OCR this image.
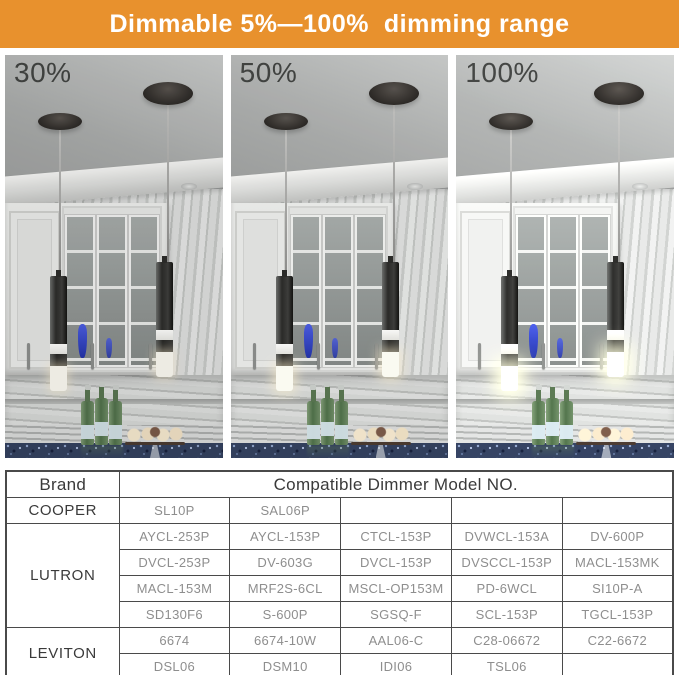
Dimmable 5%—100%  dimming range
30%	50%	100%
Brand	Compatible Dimmer Model NO.				
COOPER	SL10P	SAL06P			
LUTRON	AYCL-253P	AYCL-153P	CTCL-153P	DVWCL-153A	DV-600P
	DVCL-253P	DV-603G	DVCL-153P	DVSCCL-153P	MACL-153MK
	MACL-153M	MRF2S-6CL	MSCL-OP153M	PD-6WCL	SI10P-A
	SD130F6	S-600P	SGSQ-F	SCL-153P	TGCL-153P
LEVITON	6674	6674-10W	AAL06-C	C28-06672	C22-6672
	DSL06	DSM10	IDI06	TSL06	
